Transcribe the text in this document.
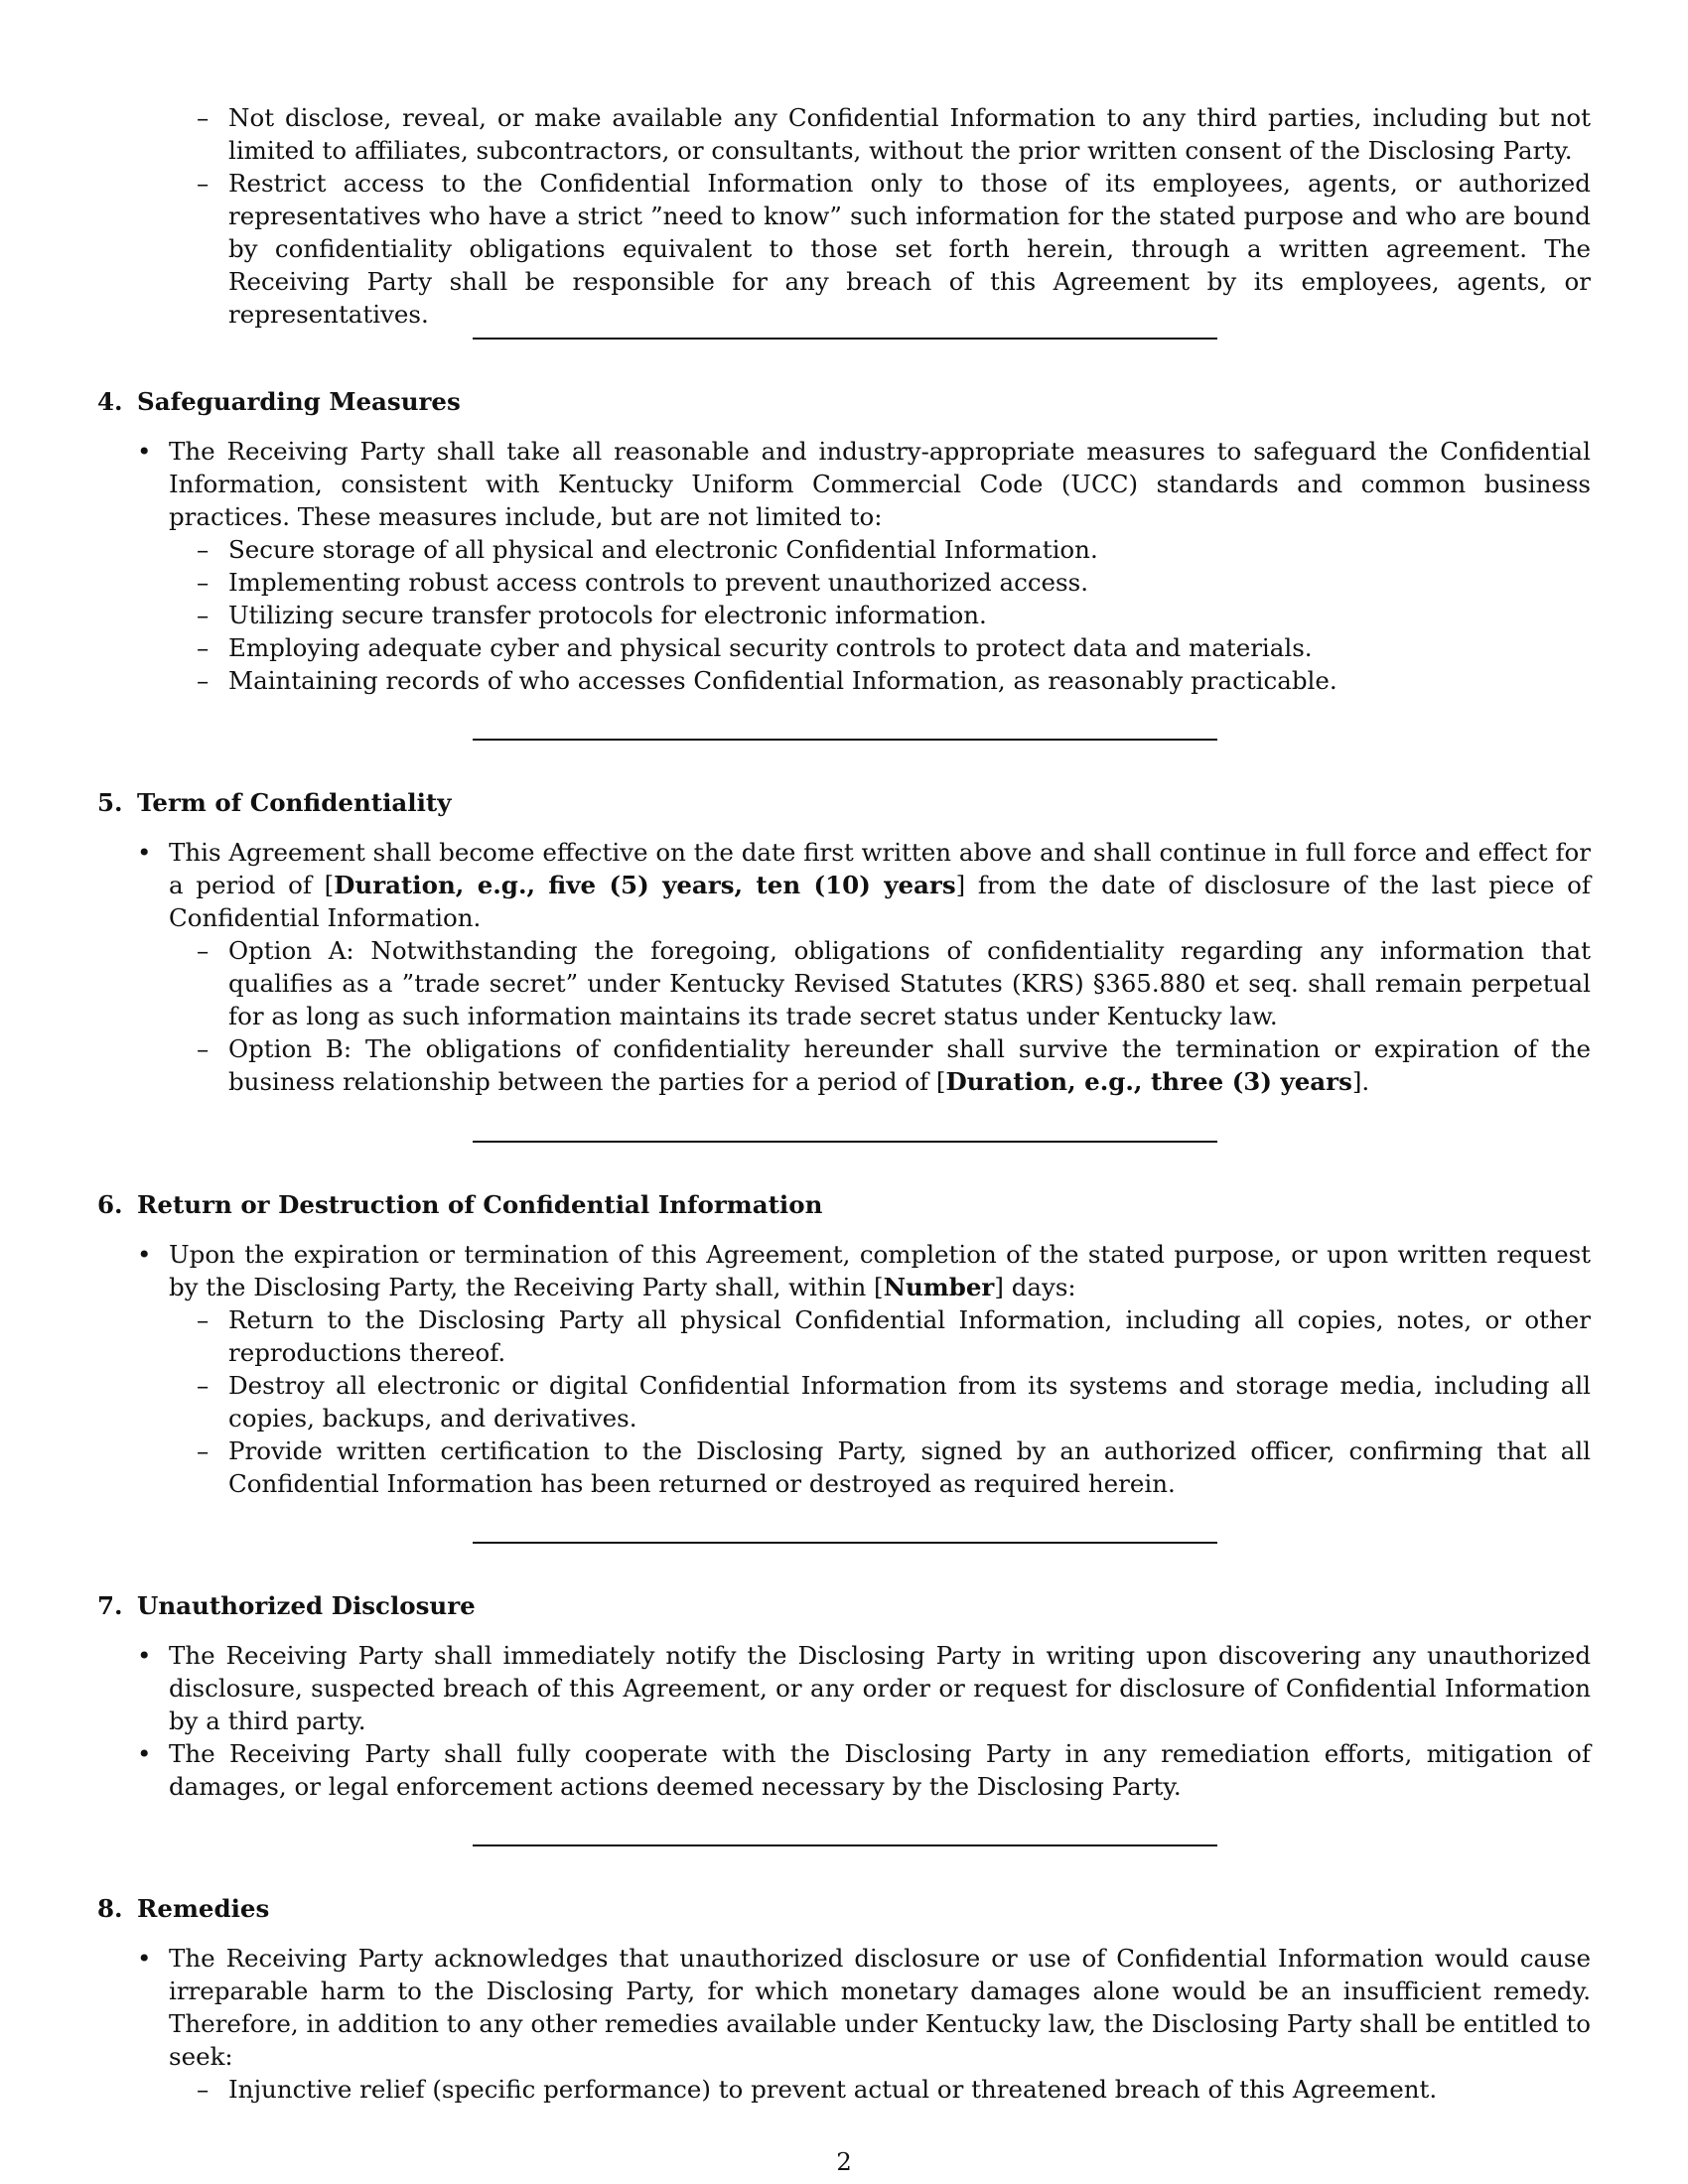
– Not disclose, reveal, or make available any Confidential Information to any third parties, including but not limited to affiliates, subcontractors, or consultants, without the prior written consent of the Disclosing Party.
– Restrict access to the Confidential Information only to those of its employees, agents, or authorized representatives who have a strict ”need to know” such information for the stated purpose and who are bound by confidentiality obligations equivalent to those set forth herein, through a written agreement. The Receiving Party shall be responsible for any breach of this Agreement by its employees, agents, or representatives.
4. Safeguarding Measures
• The Receiving Party shall take all reasonable and industry-appropriate measures to safeguard the Confidential Information, consistent with Kentucky Uniform Commercial Code (UCC) standards and common business practices. These measures include, but are not limited to:
– Secure storage of all physical and electronic Confidential Information.
– Implementing robust access controls to prevent unauthorized access.
– Utilizing secure transfer protocols for electronic information.
– Employing adequate cyber and physical security controls to protect data and materials.
– Maintaining records of who accesses Confidential Information, as reasonably practicable.
5. Term of Confidentiality
• This Agreement shall become effective on the date first written above and shall continue in full force and effect for a period of [Duration, e.g., five (5) years, ten (10) years] from the date of disclosure of the last piece of Confidential Information.
– Option A: Notwithstanding the foregoing, obligations of confidentiality regarding any information that qualifies as a ”trade secret” under Kentucky Revised Statutes (KRS) §365.880 et seq. shall remain perpetual for as long as such information maintains its trade secret status under Kentucky law.
– Option B: The obligations of confidentiality hereunder shall survive the termination or expiration of the business relationship between the parties for a period of [Duration, e.g., three (3) years].
6. Return or Destruction of Confidential Information
• Upon the expiration or termination of this Agreement, completion of the stated purpose, or upon written request by the Disclosing Party, the Receiving Party shall, within [Number] days:
– Return to the Disclosing Party all physical Confidential Information, including all copies, notes, or other reproductions thereof.
– Destroy all electronic or digital Confidential Information from its systems and storage media, including all copies, backups, and derivatives.
– Provide written certification to the Disclosing Party, signed by an authorized officer, confirming that all Confidential Information has been returned or destroyed as required herein.
7. Unauthorized Disclosure
• The Receiving Party shall immediately notify the Disclosing Party in writing upon discovering any unauthorized disclosure, suspected breach of this Agreement, or any order or request for disclosure of Confidential Information by a third party.
• The Receiving Party shall fully cooperate with the Disclosing Party in any remediation efforts, mitigation of damages, or legal enforcement actions deemed necessary by the Disclosing Party.
8. Remedies
• The Receiving Party acknowledges that unauthorized disclosure or use of Confidential Information would cause irreparable harm to the Disclosing Party, for which monetary damages alone would be an insufficient remedy. Therefore, in addition to any other remedies available under Kentucky law, the Disclosing Party shall be entitled to seek:
– Injunctive relief (specific performance) to prevent actual or threatened breach of this Agreement.
2
